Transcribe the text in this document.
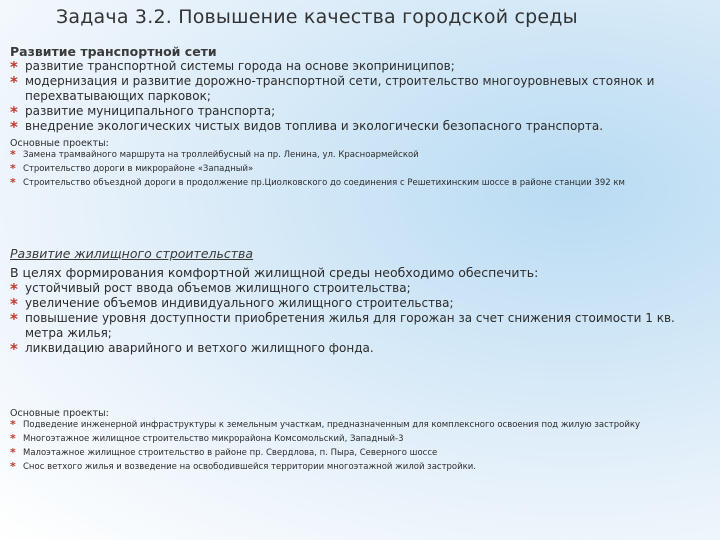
Задача 3.2. Повышение качества городской среды
Развитие транспортной сети
* развитие транспортной системы города на основе экоприниципов;
* модернизация и развитие дорожно-транспортной сети, строительство многоуровневых стоянок и перехватывающих парковок;
* развитие муниципального транспорта;
* внедрение экологических чистых видов топлива и экологически безопасного транспорта.
Основные проекты:
* Замена трамвайного маршрута на троллейбусный на пр. Ленина, ул. Красноармейской
* Строительство дороги в микрорайоне «Западный»
* Строительство объездной дороги в продолжение пр.Циолковского до соединения с Решетихинским шоссе в районе станции 392 км
Развитие жилищного строительства
В целях формирования комфортной жилищной среды необходимо обеспечить:
* устойчивый рост ввода объемов жилищного строительства;
* увеличение объемов индивидуального жилищного строительства;
* повышение уровня доступности приобретения жилья для горожан за счет снижения стоимости 1 кв. метра жилья;
* ликвидацию аварийного и ветхого жилищного фонда.
Основные проекты:
* Подведение инженерной инфраструктуры к земельным участкам, предназначенным для комплексного освоения под жилую застройку
* Многоэтажное жилищное строительство микрорайона Комсомольский, Западный-3
* Малоэтажное жилищное строительство в районе пр. Свердлова, п. Пыра, Северного шоссе
* Снос ветхого жилья и возведение на освободившейся территории многоэтажной жилой застройки.
